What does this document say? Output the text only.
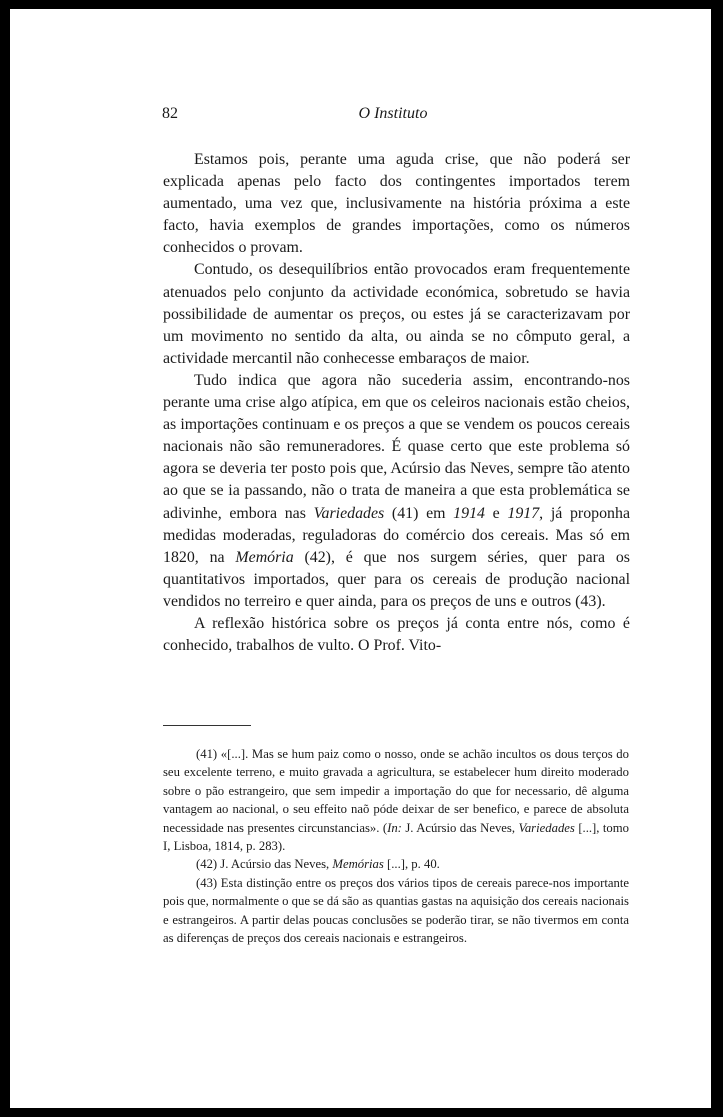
82	O Instituto

Estamos pois, perante uma aguda crise, que não poderá ser explicada apenas pelo facto dos contingentes importados terem aumentado, uma vez que, inclusivamente na história próxima a este facto, havia exemplos de grandes importações, como os números conhecidos o provam.

Contudo, os desequilíbrios então provocados eram frequentemente atenuados pelo conjunto da actividade económica, sobretudo se havia possibilidade de aumentar os preços, ou estes já se caracterizavam por um movimento no sentido da alta, ou ainda se no cômputo geral, a actividade mercantil não conhecesse embaraços de maior.

Tudo indica que agora não sucederia assim, encontrando-nos perante uma crise algo atípica, em que os celeiros nacionais estão cheios, as importações continuam e os preços a que se vendem os poucos cereais nacionais não são remuneradores. É quase certo que este problema só agora se deveria ter posto pois que, Acúrsio das Neves, sempre tão atento ao que se ia passando, não o trata de maneira a que esta problemática se adivinhe, embora nas Variedades (41) em 1914 e 1917, já proponha medidas moderadas, reguladoras do comércio dos cereais. Mas só em 1820, na Memória (42), é que nos surgem séries, quer para os quantitativos importados, quer para os cereais de produção nacional vendidos no terreiro e quer ainda, para os preços de uns e outros (43).

A reflexão histórica sobre os preços já conta entre nós, como é conhecido, trabalhos de vulto. O Prof. Vito-

(41) «[...]. Mas se hum paiz como o nosso, onde se achão incultos os dous terços do seu excelente terreno, e muito gravada a agricultura, se estabelecer hum direito moderado sobre o pão estrangeiro, que sem impedir a importação do que for necessario, dê alguma vantagem ao nacional, o seu effeito naõ póde deixar de ser benefico, e parece de absoluta necessidade nas presentes circunstancias». (In: J. Acúrsio das Neves, Variedades [...], tomo I, Lisboa, 1814, p. 283).

(42) J. Acúrsio das Neves, Memórias [...], p. 40.

(43) Esta distinção entre os preços dos vários tipos de cereais parece-nos importante pois que, normalmente o que se dá são as quantias gastas na aquisição dos cereais nacionais e estrangeiros. A partir delas poucas conclusões se poderão tirar, se não tivermos em conta as diferenças de preços dos cereais nacionais e estrangeiros.
